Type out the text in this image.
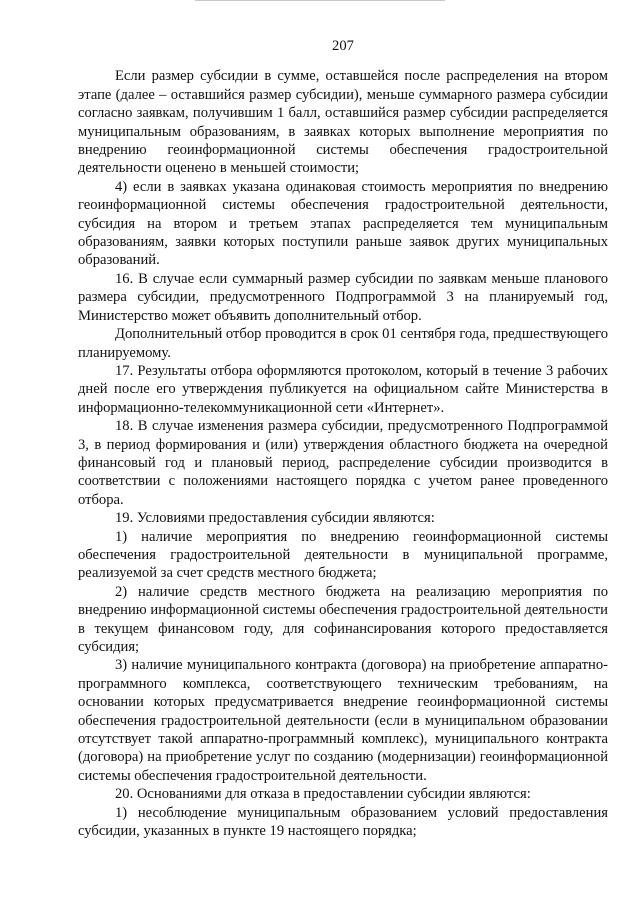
207

Если размер субсидии в сумме, оставшейся после распределения на втором этапе (далее – оставшийся размер субсидии), меньше суммарного размера субсидии согласно заявкам, получившим 1 балл, оставшийся размер субсидии распределяется муниципальным образованиям, в заявках которых выполнение мероприятия по внедрению геоинформационной системы обеспечения градостроительной деятельности оценено в меньшей стоимости;

4) если в заявках указана одинаковая стоимость мероприятия по внедрению геоинформационной системы обеспечения градостроительной деятельности, субсидия на втором и третьем этапах распределяется тем муниципальным образованиям, заявки которых поступили раньше заявок других муниципальных образований.

16. В случае если суммарный размер субсидии по заявкам меньше планового размера субсидии, предусмотренного Подпрограммой 3 на планируемый год, Министерство может объявить дополнительный отбор.

Дополнительный отбор проводится в срок 01 сентября года, предшествующего планируемому.

17. Результаты отбора оформляются протоколом, который в течение 3 рабочих дней после его утверждения публикуется на официальном сайте Министерства в информационно-телекоммуникационной сети «Интернет».

18. В случае изменения размера субсидии, предусмотренного Подпрограммой 3, в период формирования и (или) утверждения областного бюджета на очередной финансовый год и плановый период, распределение субсидии производится в соответствии с положениями настоящего порядка с учетом ранее проведенного отбора.

19. Условиями предоставления субсидии являются:

1) наличие мероприятия по внедрению геоинформационной системы обеспечения градостроительной деятельности в муниципальной программе, реализуемой за счет средств местного бюджета;

2) наличие средств местного бюджета на реализацию мероприятия по внедрению информационной системы обеспечения градостроительной деятельности в текущем финансовом году, для софинансирования которого предоставляется субсидия;

3) наличие муниципального контракта (договора) на приобретение аппаратно-программного комплекса, соответствующего техническим требованиям, на основании которых предусматривается внедрение геоинформационной системы обеспечения градостроительной деятельности (если в муниципальном образовании отсутствует такой аппаратно-программный комплекс), муниципального контракта (договора) на приобретение услуг по созданию (модернизации) геоинформационной системы обеспечения градостроительной деятельности.

20. Основаниями для отказа в предоставлении субсидии являются:

1) несоблюдение муниципальным образованием условий предоставления субсидии, указанных в пункте 19 настоящего порядка;
